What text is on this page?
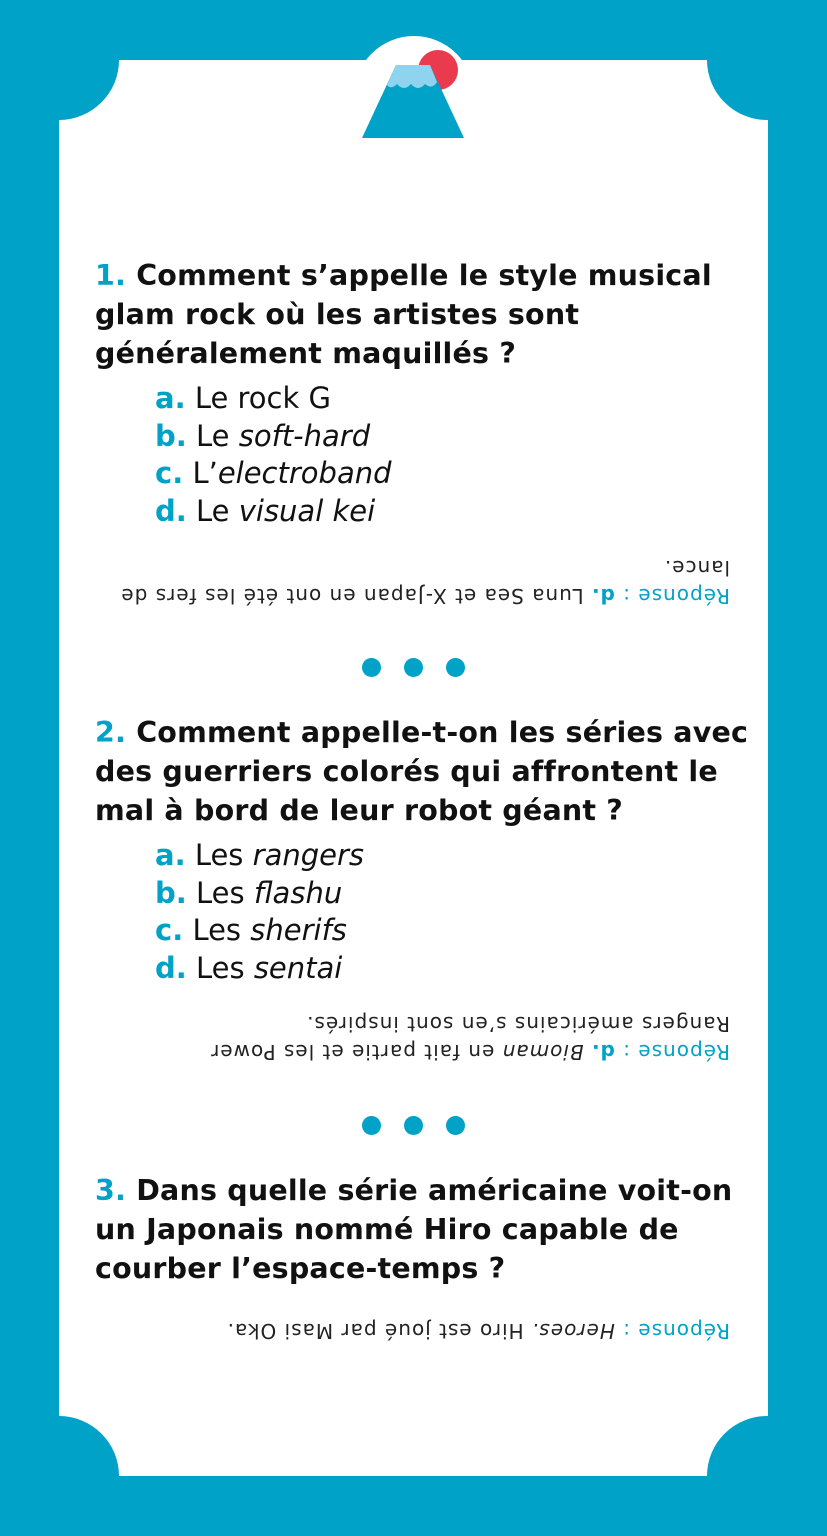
1. Comment s’appelle le style musical glam rock où les artistes sont généralement maquillés ?

a. Le rock G
b. Le soft-hard
c. L’electroband
d. Le visual kei
Réponse : d. Luna Sea et X-Japan en ont été les fers de lance.

2. Comment appelle-t-on les séries avec des guerriers colorés qui affrontent le mal à bord de leur robot géant ?

a. Les rangers
b. Les flashu
c. Les sherifs
d. Les sentai
Réponse : d. Bioman en fait partie et les Power Rangers américains s’en sont inspirés.

3. Dans quelle série américaine voit-on un Japonais nommé Hiro capable de courber l’espace-temps ?

Réponse : Heroes. Hiro est joué par Masi Oka.
